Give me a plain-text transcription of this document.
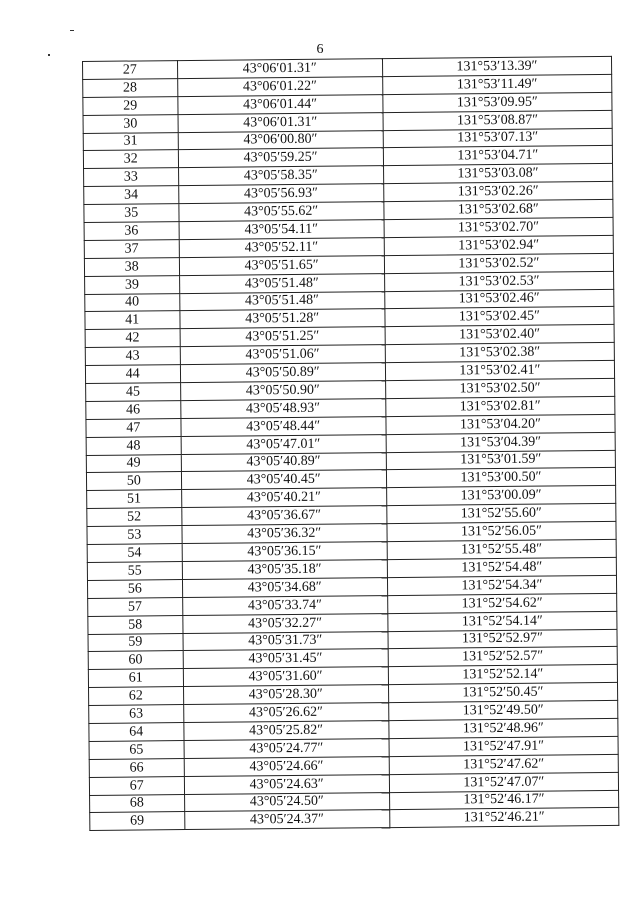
6
27	43°06′01.31″	131°53′13.39″
28	43°06′01.22″	131°53′11.49″
29	43°06′01.44″	131°53′09.95″
30	43°06′01.31″	131°53′08.87″
31	43°06′00.80″	131°53′07.13″
32	43°05′59.25″	131°53′04.71″
33	43°05′58.35″	131°53′03.08″
34	43°05′56.93″	131°53′02.26″
35	43°05′55.62″	131°53′02.68″
36	43°05′54.11″	131°53′02.70″
37	43°05′52.11″	131°53′02.94″
38	43°05′51.65″	131°53′02.52″
39	43°05′51.48″	131°53′02.53″
40	43°05′51.48″	131°53′02.46″
41	43°05′51.28″	131°53′02.45″
42	43°05′51.25″	131°53′02.40″
43	43°05′51.06″	131°53′02.38″
44	43°05′50.89″	131°53′02.41″
45	43°05′50.90″	131°53′02.50″
46	43°05′48.93″	131°53′02.81″
47	43°05′48.44″	131°53′04.20″
48	43°05′47.01″	131°53′04.39″
49	43°05′40.89″	131°53′01.59″
50	43°05′40.45″	131°53′00.50″
51	43°05′40.21″	131°53′00.09″
52	43°05′36.67″	131°52′55.60″
53	43°05′36.32″	131°52′56.05″
54	43°05′36.15″	131°52′55.48″
55	43°05′35.18″	131°52′54.48″
56	43°05′34.68″	131°52′54.34″
57	43°05′33.74″	131°52′54.62″
58	43°05′32.27″	131°52′54.14″
59	43°05′31.73″	131°52′52.97″
60	43°05′31.45″	131°52′52.57″
61	43°05′31.60″	131°52′52.14″
62	43°05′28.30″	131°52′50.45″
63	43°05′26.62″	131°52′49.50″
64	43°05′25.82″	131°52′48.96″
65	43°05′24.77″	131°52′47.91″
66	43°05′24.66″	131°52′47.62″
67	43°05′24.63″	131°52′47.07″
68	43°05′24.50″	131°52′46.17″
69	43°05′24.37″	131°52′46.21″
